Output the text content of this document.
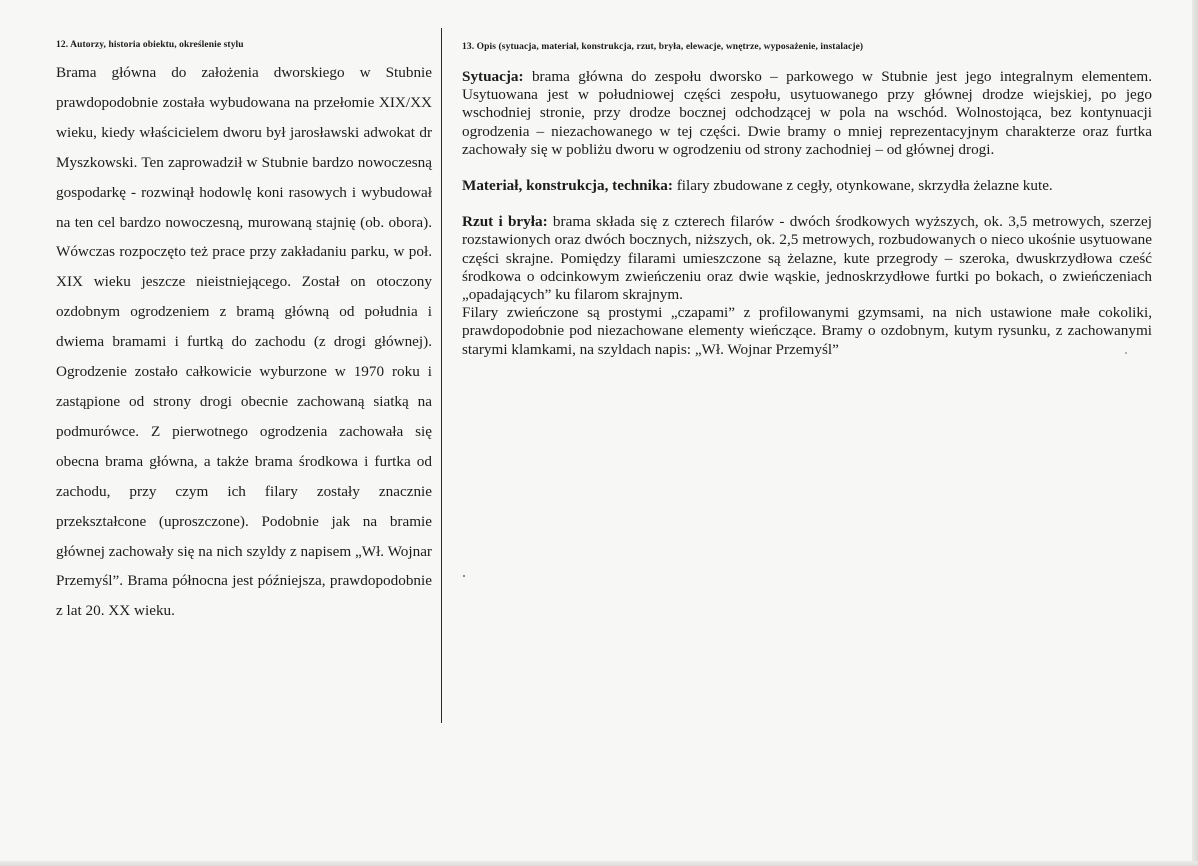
12. Autorzy, historia obiektu, określenie stylu

Brama główna do założenia dworskiego w Stubnie prawdopodobnie została wybudowana na przełomie XIX/XX wieku, kiedy właścicielem dworu był jarosławski adwokat dr Myszkowski. Ten zaprowadził w Stubnie bardzo nowoczesną gospodarkę - rozwinął hodowlę koni rasowych i wybudował na ten cel bardzo nowoczesną, murowaną stajnię (ob. obora). Wówczas rozpoczęto też prace przy zakładaniu parku, w poł. XIX wieku jeszcze nieistniejącego. Został on otoczony ozdobnym ogrodzeniem z bramą główną od południa i dwiema bramami i furtką do zachodu (z drogi głównej). Ogrodzenie zostało całkowicie wyburzone w 1970 roku i zastąpione od strony drogi obecnie zachowaną siatką na podmurówce. Z pierwotnego ogrodzenia zachowała się obecna brama główna, a także brama środkowa i furtka od zachodu, przy czym ich filary zostały znacznie przekształcone (uproszczone). Podobnie jak na bramie głównej zachowały się na nich szyldy z napisem „Wł. Wojnar Przemyśl”. Brama północna jest późniejsza, prawdopodobnie z lat 20. XX wieku.

13. Opis (sytuacja, materiał, konstrukcja, rzut, bryła, elewacje, wnętrze, wyposażenie, instalacje)

Sytuacja: brama główna do zespołu dworsko – parkowego w Stubnie jest jego integralnym elementem. Usytuowana jest w południowej części zespołu, usytuowanego przy głównej drodze wiejskiej, po jego wschodniej stronie, przy drodze bocznej odchodzącej w pola na wschód. Wolnostojąca, bez kontynuacji ogrodzenia – niezachowanego w tej części. Dwie bramy o mniej reprezentacyjnym charakterze oraz furtka zachowały się w pobliżu dworu w ogrodzeniu od strony zachodniej – od głównej drogi.

Materiał, konstrukcja, technika: filary zbudowane z cegły, otynkowane, skrzydła żelazne kute.

Rzut i bryła: brama składa się z czterech filarów - dwóch środkowych wyższych, ok. 3,5 metrowych, szerzej rozstawionych oraz dwóch bocznych, niższych, ok. 2,5 metrowych, rozbudowanych o nieco ukośnie usytuowane części skrajne. Pomiędzy filarami umieszczone są żelazne, kute przegrody – szeroka, dwuskrzydłowa cześć środkowa o odcinkowym zwieńczeniu oraz dwie wąskie, jednoskrzydłowe furtki po bokach, o zwieńczeniach „opadających” ku filarom skrajnym.

Filary zwieńczone są prostymi „czapami” z profilowanymi gzymsami, na nich ustawione małe cokoliki, prawdopodobnie pod niezachowane elementy wieńczące. Bramy o ozdobnym, kutym rysunku, z zachowanymi starymi klamkami, na szyldach napis: „Wł. Wojnar Przemyśl”
